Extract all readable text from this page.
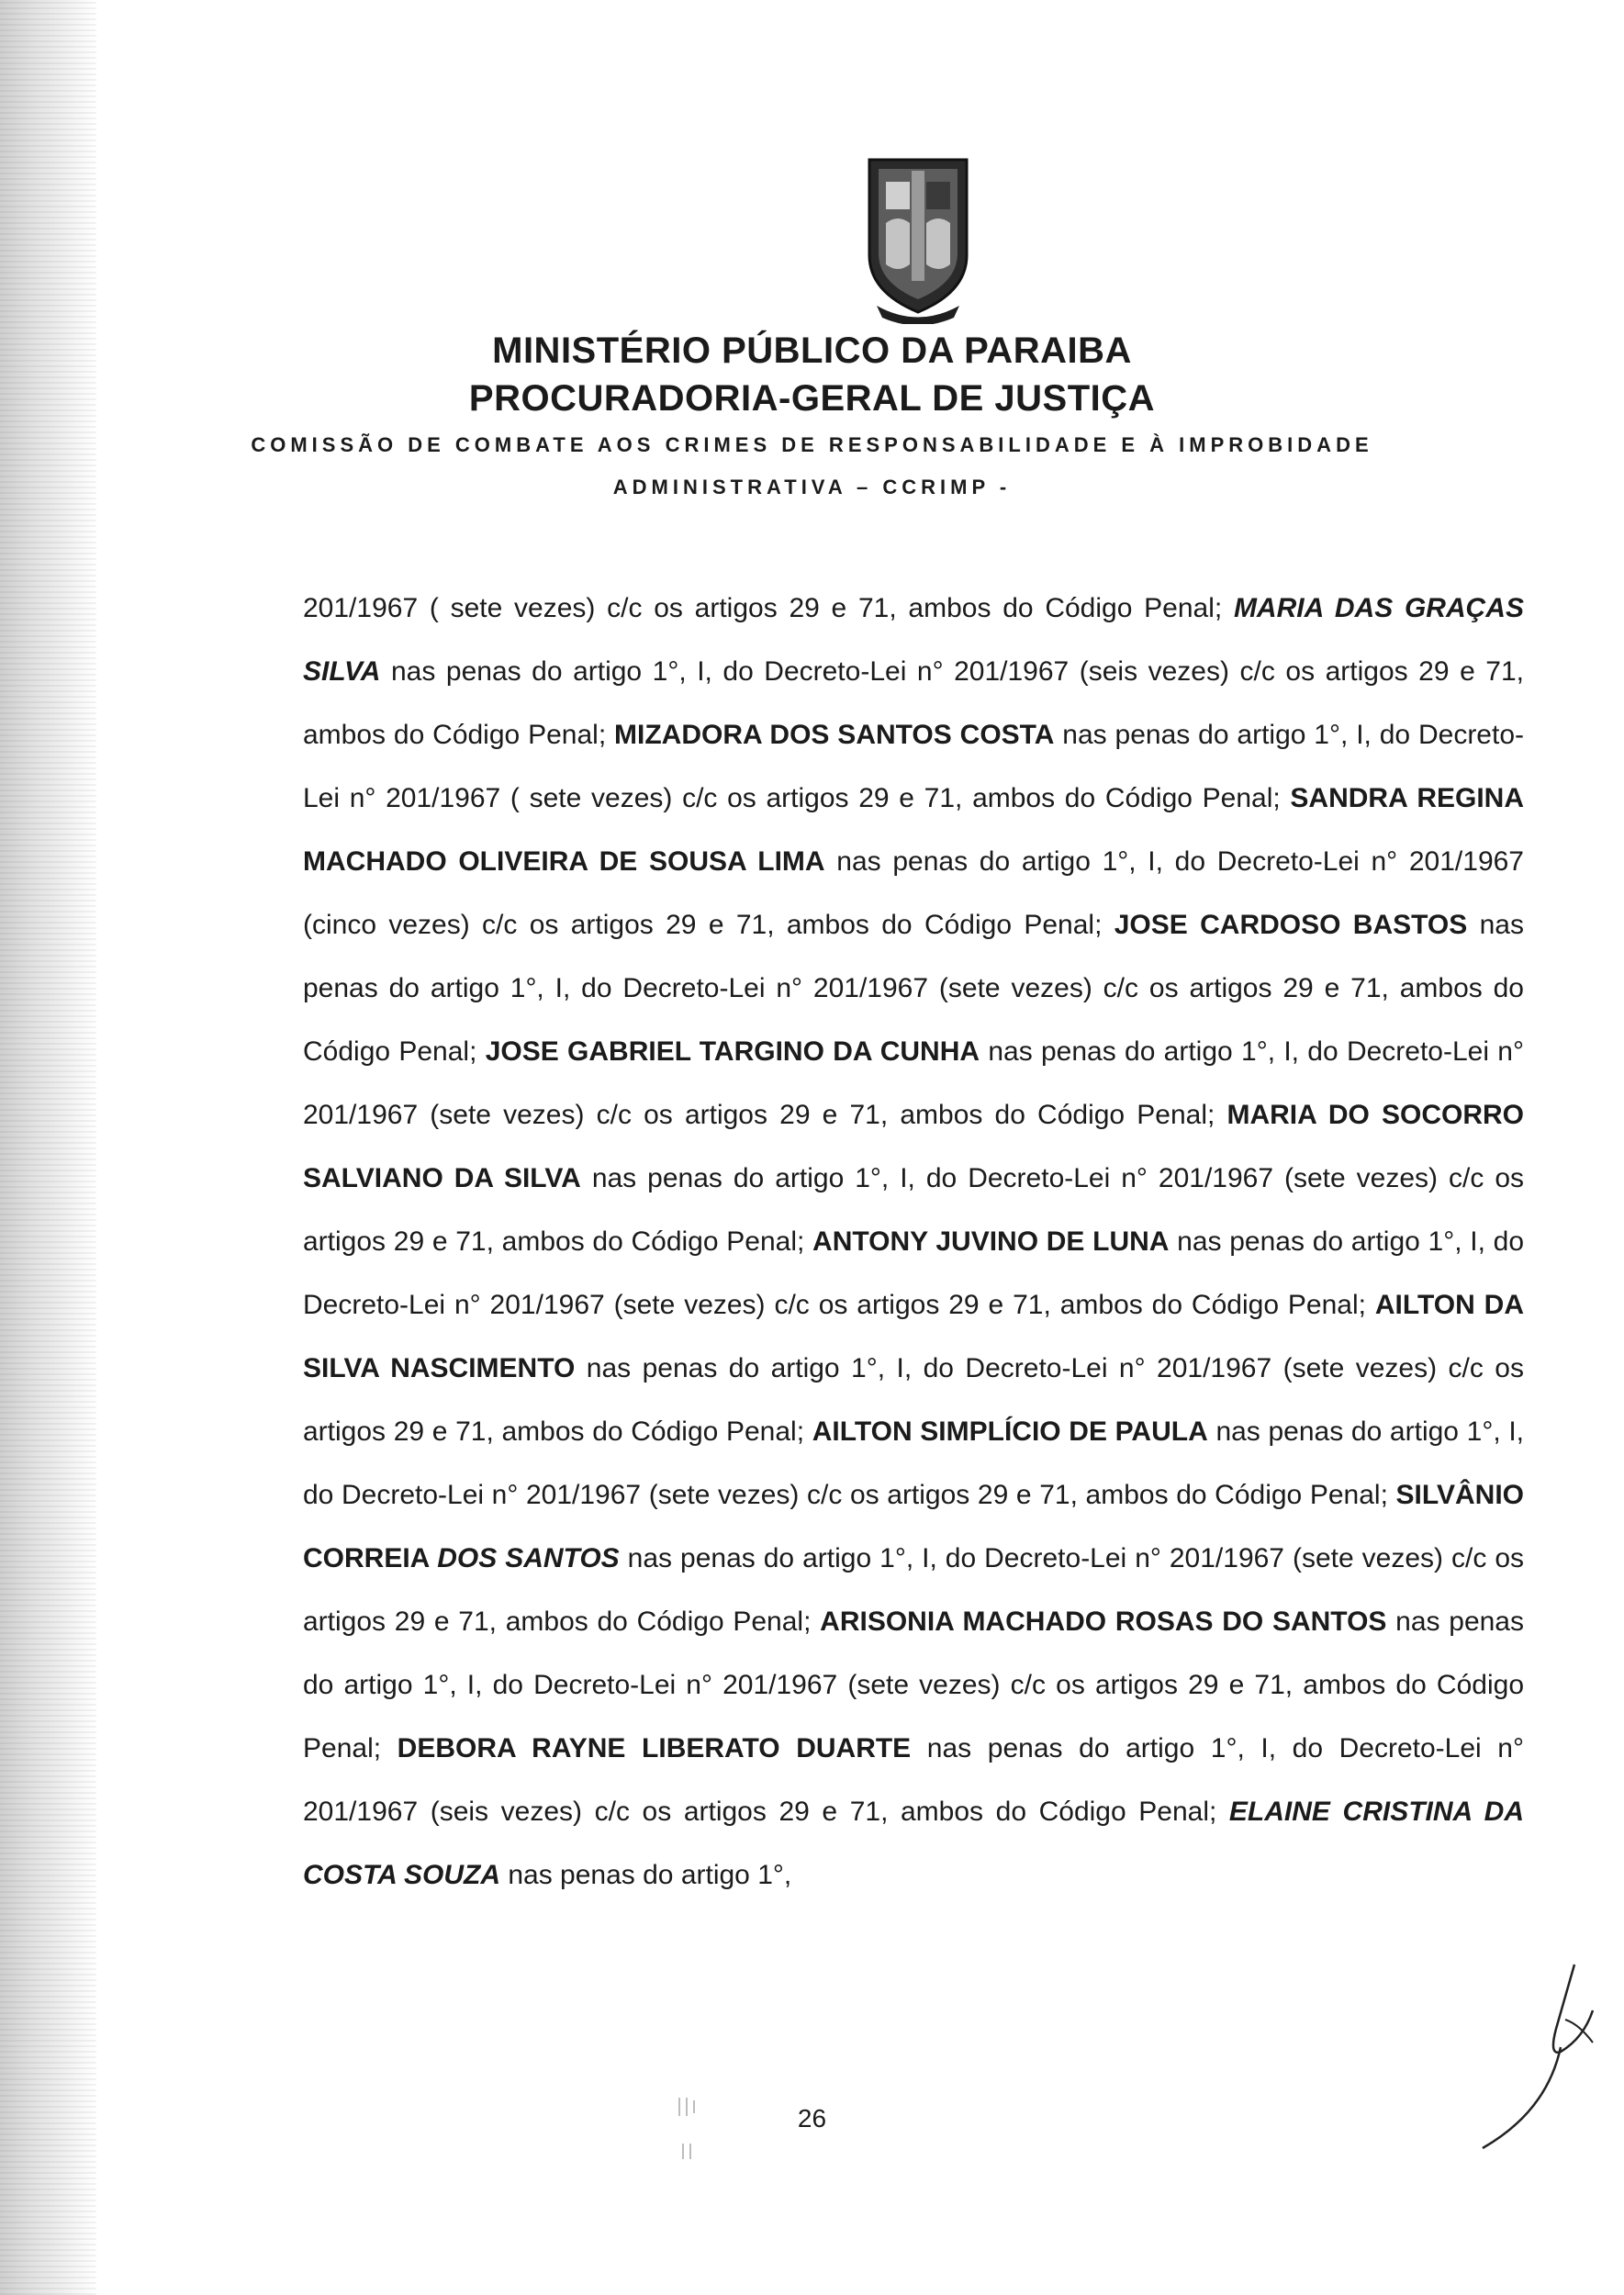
MINISTÉRIO PÚBLICO DA PARAIBA
PROCURADORIA-GERAL DE JUSTIÇA
COMISSÃO DE COMBATE AOS CRIMES DE RESPONSABILIDADE E À IMPROBIDADE
ADMINISTRATIVA – CCRIMP -

201/1967 ( sete vezes) c/c os artigos 29 e 71, ambos do Código Penal; MARIA DAS GRAÇAS SILVA nas penas do artigo 1°, I, do Decreto-Lei n° 201/1967 (seis vezes) c/c os artigos 29 e 71, ambos do Código Penal; MIZADORA DOS SANTOS COSTA nas penas do artigo 1°, I, do Decreto-Lei n° 201/1967 ( sete vezes) c/c os artigos 29 e 71, ambos do Código Penal; SANDRA REGINA MACHADO OLIVEIRA DE SOUSA LIMA nas penas do artigo 1°, I, do Decreto-Lei n° 201/1967 (cinco vezes) c/c os artigos 29 e 71, ambos do Código Penal; JOSE CARDOSO BASTOS nas penas do artigo 1°, I, do Decreto-Lei n° 201/1967 (sete vezes) c/c os artigos 29 e 71, ambos do Código Penal; JOSE GABRIEL TARGINO DA CUNHA nas penas do artigo 1°, I, do Decreto-Lei n° 201/1967 (sete vezes) c/c os artigos 29 e 71, ambos do Código Penal; MARIA DO SOCORRO SALVIANO DA SILVA nas penas do artigo 1°, I, do Decreto-Lei n° 201/1967 (sete vezes) c/c os artigos 29 e 71, ambos do Código Penal; ANTONY JUVINO DE LUNA nas penas do artigo 1°, I, do Decreto-Lei n° 201/1967 (sete vezes) c/c os artigos 29 e 71, ambos do Código Penal; AILTON DA SILVA NASCIMENTO nas penas do artigo 1°, I, do Decreto-Lei n° 201/1967 (sete vezes) c/c os artigos 29 e 71, ambos do Código Penal; AILTON SIMPLÍCIO DE PAULA nas penas do artigo 1°, I, do Decreto-Lei n° 201/1967 (sete vezes) c/c os artigos 29 e 71, ambos do Código Penal; SILVÂNIO CORREIA DOS SANTOS nas penas do artigo 1°, I, do Decreto-Lei n° 201/1967 (sete vezes) c/c os artigos 29 e 71, ambos do Código Penal; ARISONIA MACHADO ROSAS DO SANTOS nas penas do artigo 1°, I, do Decreto-Lei n° 201/1967 (sete vezes) c/c os artigos 29 e 71, ambos do Código Penal; DEBORA RAYNE LIBERATO DUARTE nas penas do artigo 1°, I, do Decreto-Lei n° 201/1967 (seis vezes) c/c os artigos 29 e 71, ambos do Código Penal; ELAINE CRISTINA DA COSTA SOUZA nas penas do artigo 1°,

26
